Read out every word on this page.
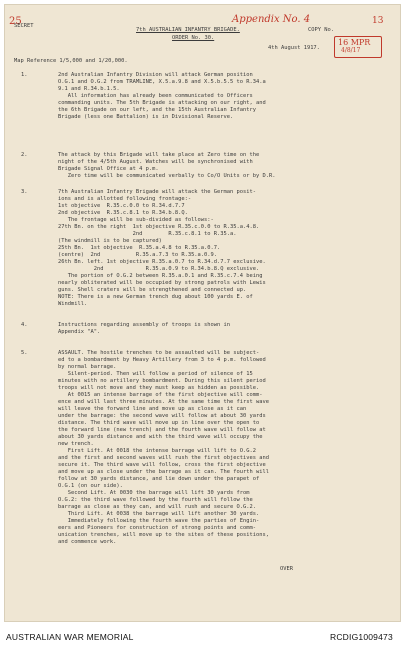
25	Appendix No. 4	13
16 MPR
4/8/17
SECRET
7th AUSTRALIAN INFANTRY BRIGADE.	COPY No.
ORDER No. 30.
4th August 1917.
Map Reference 1/5,000 and 1/20,000.
1.	2nd Australian Infantry Division will attack German position
O.G.1 and O.G.2 from TRAMLINE, X.5.a.9.8 and X.5.b.5.5 to R.34.a
9.1 and R.34.b.1.5.
All information has already been communicated to Officers
commanding units. The 5th Brigade is attacking on our right, and
the 6th Brigade on our left, and the 15th Australian Infantry
Brigade (less one Battalion) is in Divisional Reserve.
2.	The attack by this Brigade will take place at Zero time on the
night of the 4/5th August. Watches will be synchronised with
Brigade Signal Office at 4 p.m.
Zero time will be communicated verbally to Co/O Units or by D.R.
3.	7th Australian Infantry Brigade will attack the German posit-
ions and is allotted following frontage:-
1st objective  R.35.c.0.0 to R.34.d.7.7
2nd objective  R.35.c.8.1 to R.34.b.8.Q.
The frontage will be sub-divided as follows:-
27th Bn. on the right  1st objective R.35.c.0.0 to R.35.a.4.8.
2nd        R.35.c.8.1 to R.35.a.
(The windmill is to be captured)
25th Bn.  1st objective  R.35.a.4.8 to R.35.a.0.7.
(centre)  2nd           R.35.a.7.3 to R.35.a.0.9.
26th Bn. left. 1st objective R.35.a.0.7 to R.34.d.7.7 exclusive.
2nd             R.35.a.0.9 to R.34.b.8.Q exclusive.
The portion of O.G.2 between R.35.a.0.1 and R.35.c.7.4 being
nearly obliterated will be occupied by strong patrols with Lewis
guns. Shell craters will be strengthened and connected up.
NOTE: There is a new German trench dug about 100 yards E. of
Windmill.
4.	Instructions regarding assembly of troops is shown in
Appendix "A".
5.	ASSAULT. The hostile trenches to be assaulted will be subject-
ed to a bombardment by Heavy Artillery from 3 to 4 p.m. followed
by normal barrage.
Silent-period. Then will follow a period of silence of 15
minutes with no artillery bombardment. During this silent period
troops will not move and they must keep as hidden as possible.
At 0015 an intense barrage of the first objective will comm-
ence and will last three minutes. At the same time the first wave
will leave the forward line and move up as close as it can
under the barrage: the second wave will follow at about 30 yards
distance. The third wave will move up in line over the open to
the forward line (new trench) and the fourth wave will follow at
about 30 yards distance and with the third wave will occupy the
new trench.
First Lift. At 0018 the intense barrage will lift to O.G.2
and the first and second waves will rush the first objectives and
secure it. The third wave will follow, cross the first objective
and move up as close under the barrage as it can. The fourth will
follow at 30 yards distance, and lie down under the parapet of
O.G.1 (on our side).
Second Lift. At 0030 the barrage will lift 30 yards from
O.G.2: the third wave followed by the fourth will follow the
barrage as close as they can, and will rush and secure O.G.2.
Third Lift. At 0038 the barrage will lift another 30 yards.
Immediately following the fourth wave the parties of Engin-
eers and Pioneers for construction of strong points and comm-
unication trenches, will move up to the sites of these positions,
and commence work.
OVER
AUSTRALIAN WAR MEMORIAL	RCDIG1009473
